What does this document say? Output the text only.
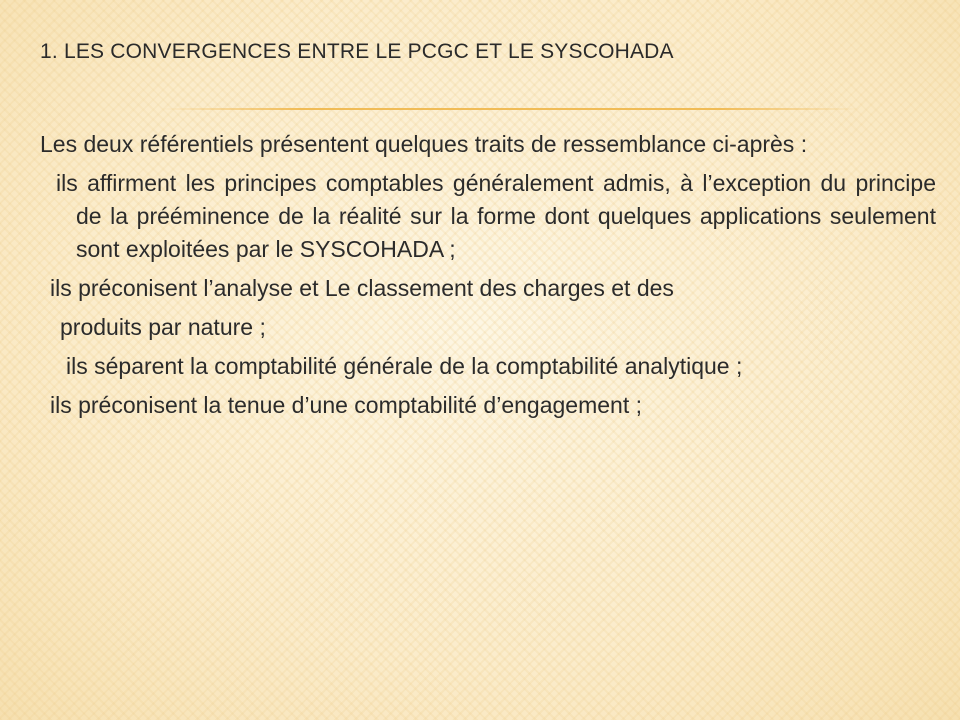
1. LES CONVERGENCES ENTRE LE PCGC ET LE SYSCOHADA

Les deux référentiels présentent quelques traits de ressemblance ci-après :

ils affirment les principes comptables généralement admis, à l’exception du principe de la prééminence de la réalité sur la forme dont quelques applications seulement sont exploitées par le SYSCOHADA ;

ils préconisent l’analyse et Le classement des charges et des

produits par nature ;

ils séparent la comptabilité générale de la comptabilité analytique ;

ils préconisent la tenue d’une comptabilité d’engagement ;
